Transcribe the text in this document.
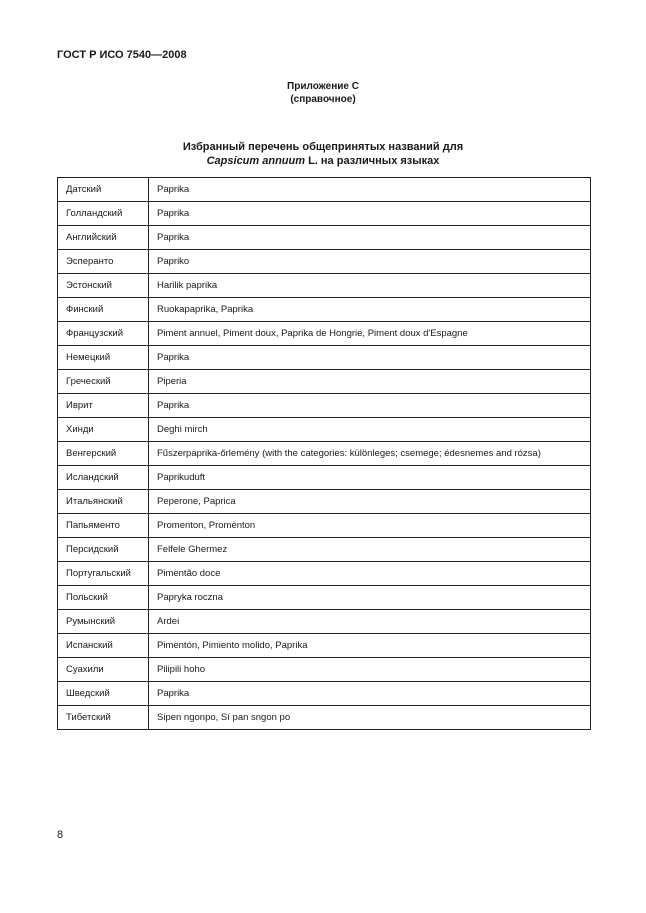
ГОСТ Р ИСО 7540—2008
Приложение С
(справочное)
Избранный перечень общепринятых названий для
Capsicum annuum L. на различных языках
Датский	Paprika
Голландский	Paprika
Английский	Paprika
Эсперанто	Papriko
Эстонский	Harilik paprika
Финский	Ruokapaprika, Paprika
Французский	Piment annuel, Piment doux, Paprika de Hongrie, Piment doux d'Espagne
Немецкий	Paprika
Греческий	Piperia
Иврит	Paprika
Хинди	Deghi mirch
Венгерский	Fűszerpaprika-őrlemény (with the categories: különleges; csemege; édesnemes and rózsa)
Исландский	Paprikuduft
Итальянский	Peperone, Paprica
Папьяменто	Promenton, Promènton
Персидский	Felfele Ghermez
Португальский	Pimentão doce
Польский	Papryka roczna
Румынский	Ardei
Испанский	Pimentón, Pimiento molido, Paprika
Суахили	Pilipili hoho
Шведский	Paprika
Тибетский	Sipen ngonpo, Sí pan sngon po
8
